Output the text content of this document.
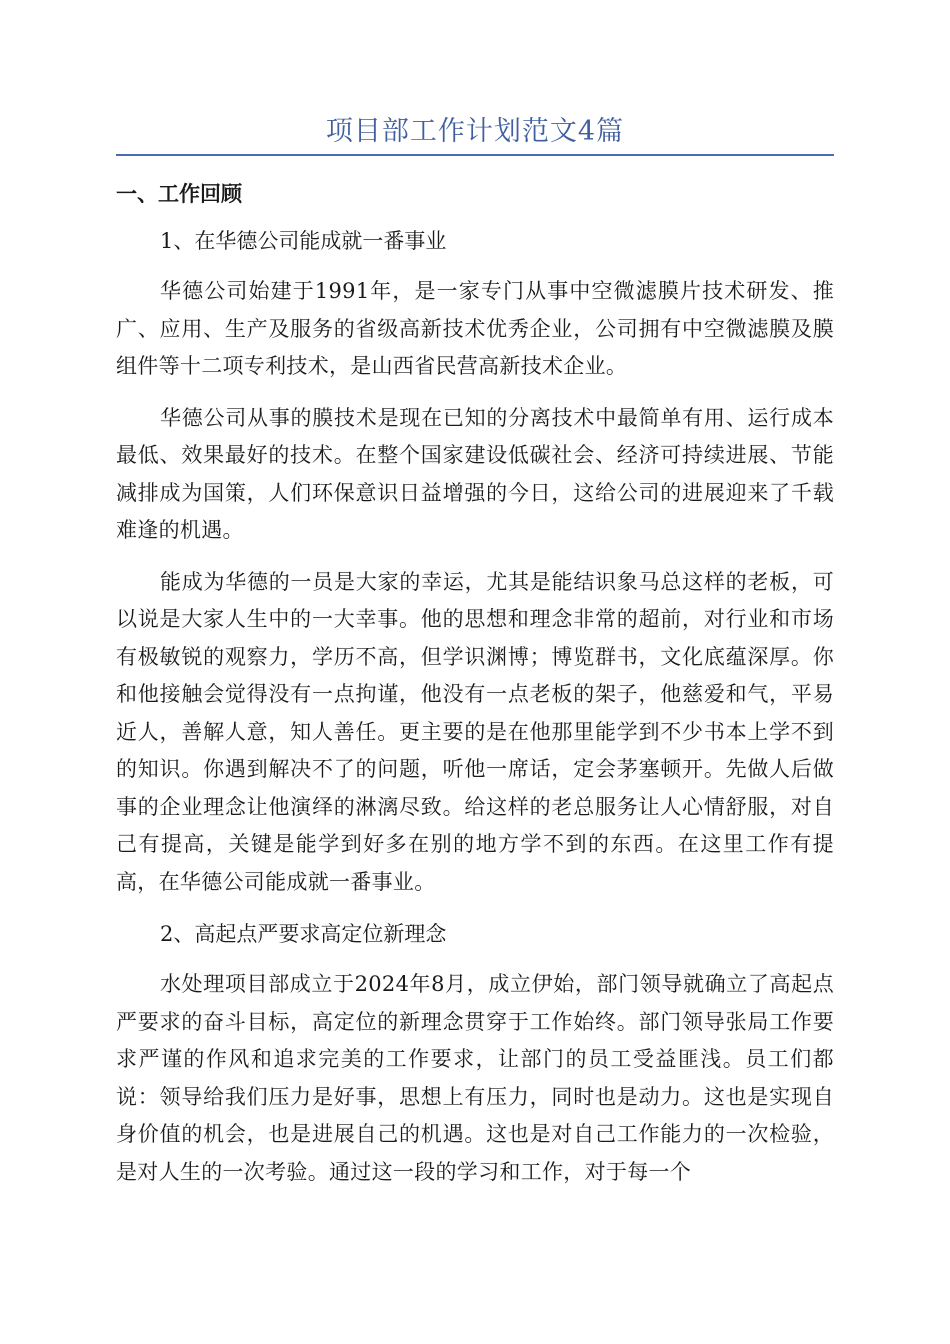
项目部工作计划范文4篇
一、工作回顾

1、在华德公司能成就一番事业

华德公司始建于1991年，是一家专门从事中空微滤膜片技术研发、推广、应用、生产及服务的省级高新技术优秀企业，公司拥有中空微滤膜及膜组件等十二项专利技术，是山西省民营高新技术企业。

华德公司从事的膜技术是现在已知的分离技术中最简单有用、运行成本最低、效果最好的技术。在整个国家建设低碳社会、经济可持续进展、节能减排成为国策，人们环保意识日益增强的今日，这给公司的进展迎来了千载难逢的机遇。

能成为华德的一员是大家的幸运，尤其是能结识象马总这样的老板，可以说是大家人生中的一大幸事。他的思想和理念非常的超前，对行业和市场有极敏锐的观察力，学历不高，但学识渊博；博览群书，文化底蕴深厚。你和他接触会觉得没有一点拘谨，他没有一点老板的架子，他慈爱和气，平易近人，善解人意，知人善任。更主要的是在他那里能学到不少书本上学不到的知识。你遇到解决不了的问题，听他一席话，定会茅塞顿开。先做人后做事的企业理念让他演绎的淋漓尽致。给这样的老总服务让人心情舒服，对自己有提高，关键是能学到好多在别的地方学不到的东西。在这里工作有提高，在华德公司能成就一番事业。

2、高起点严要求高定位新理念

水处理项目部成立于2024年8月，成立伊始，部门领导就确立了高起点严要求的奋斗目标，高定位的新理念贯穿于工作始终。部门领导张局工作要求严谨的作风和追求完美的工作要求，让部门的员工受益匪浅。员工们都说：领导给我们压力是好事，思想上有压力，同时也是动力。这也是实现自身价值的机会，也是进展自己的机遇。这也是对自己工作能力的一次检验，是对人生的一次考验。通过这一段的学习和工作，对于每一个
